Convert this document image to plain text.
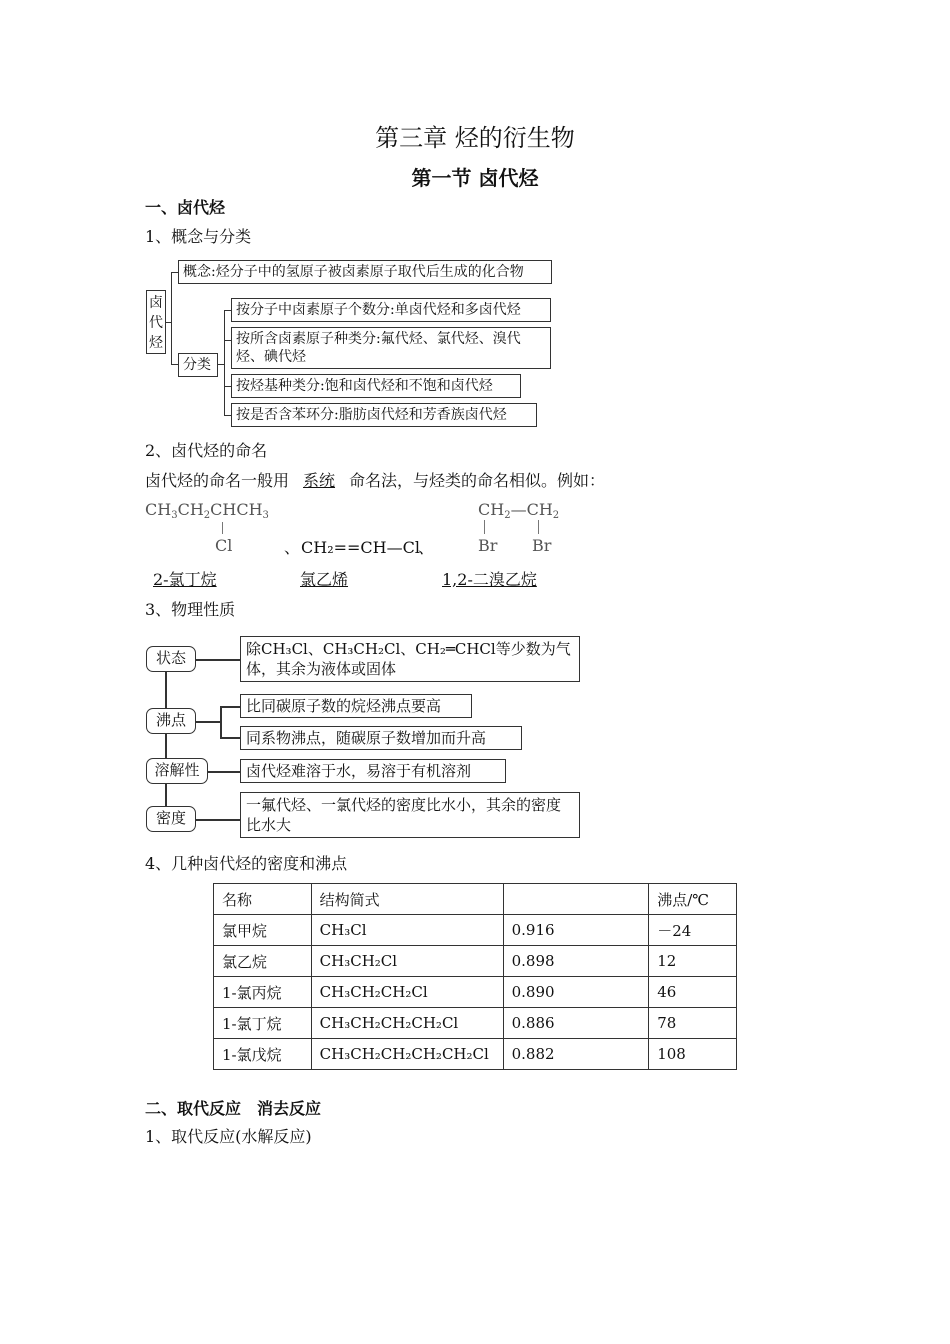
第三章 烃的衍生物
第一节 卤代烃
一、卤代烃
1、概念与分类
卤代烃
概念:烃分子中的氢原子被卤素原子取代后生成的化合物
分类
按分子中卤素原子个数分:单卤代烃和多卤代烃
按所含卤素原子种类分:氟代烃、氯代烃、溴代烃、碘代烃
按烃基种类分:饱和卤代烃和不饱和卤代烃
按是否含苯环分:脂肪卤代烃和芳香族卤代烃
2、卤代烃的命名
卤代烃的命名一般用 系统 命名法，与烃类的命名相似。例如：
$CH_3CH_2CHCH_3$
Cl	、 CH₂==CH—Cl
、
$CH_2—CH_2$
Br Br
2-氯丁烷	氯乙烯	1,2-二溴乙烷
3、物理性质
状态
沸点
溶解性
密度
除CH₃Cl、CH₃CH₂Cl、CH₂═CHCl等少数为气体，其余为液体或固体
比同碳原子数的烷烃沸点要高
同系物沸点，随碳原子数增加而升高
卤代烃难溶于水，易溶于有机溶剂
一氟代烃、一氯代烃的密度比水小，其余的密度比水大
4、几种卤代烃的密度和沸点
名称	结构简式		沸点/℃
氯甲烷	CH₃Cl	0.916	－24
氯乙烷	CH₃CH₂Cl	0.898	12
1-氯丙烷	CH₃CH₂CH₂Cl	0.890	46
1-氯丁烷	CH₃CH₂CH₂CH₂Cl	0.886	78
1-氯戊烷	CH₃CH₂CH₂CH₂CH₂Cl	0.882	108
二、取代反应　消去反应
1、取代反应(水解反应)
